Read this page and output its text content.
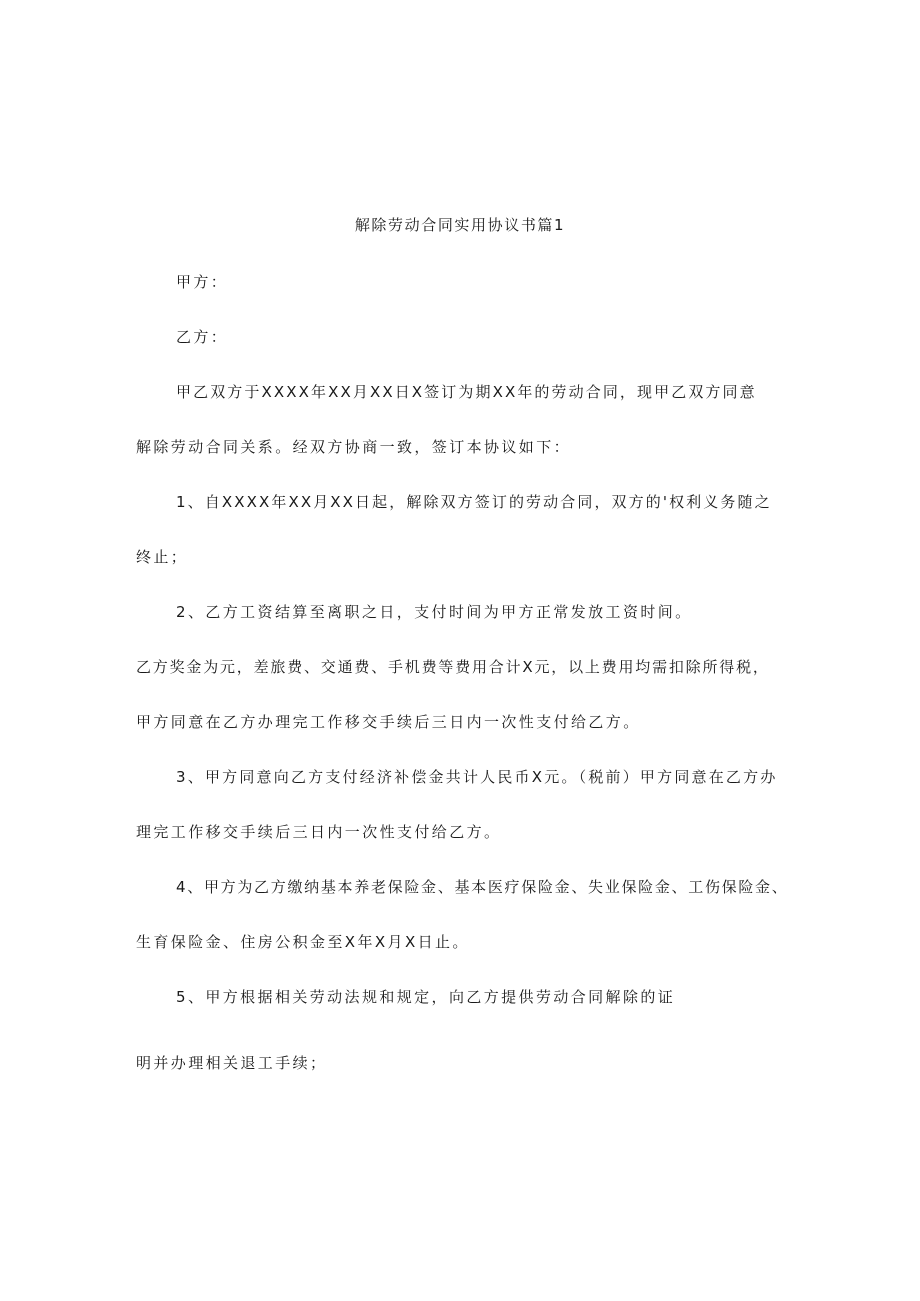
解除劳动合同实用协议书篇1
甲方：
乙方：
甲乙双方于XXXX年XX月XX日X签订为期XX年的劳动合同，现甲乙双方同意
解除劳动合同关系。经双方协商一致，签订本协议如下：
1、自XXXX年XX月XX日起，解除双方签订的劳动合同，双方的'权利义务随之
终止；
2、乙方工资结算至离职之日，支付时间为甲方正常发放工资时间。
乙方奖金为元，差旅费、交通费、手机费等费用合计X元，以上费用均需扣除所得税，
甲方同意在乙方办理完工作移交手续后三日内一次性支付给乙方。
3、甲方同意向乙方支付经济补偿金共计人民币X元。（税前）甲方同意在乙方办
理完工作移交手续后三日内一次性支付给乙方。
4、甲方为乙方缴纳基本养老保险金、基本医疗保险金、失业保险金、工伤保险金、
生育保险金、住房公积金至X年X月X日止。
5、甲方根据相关劳动法规和规定，向乙方提供劳动合同解除的证
明并办理相关退工手续；
